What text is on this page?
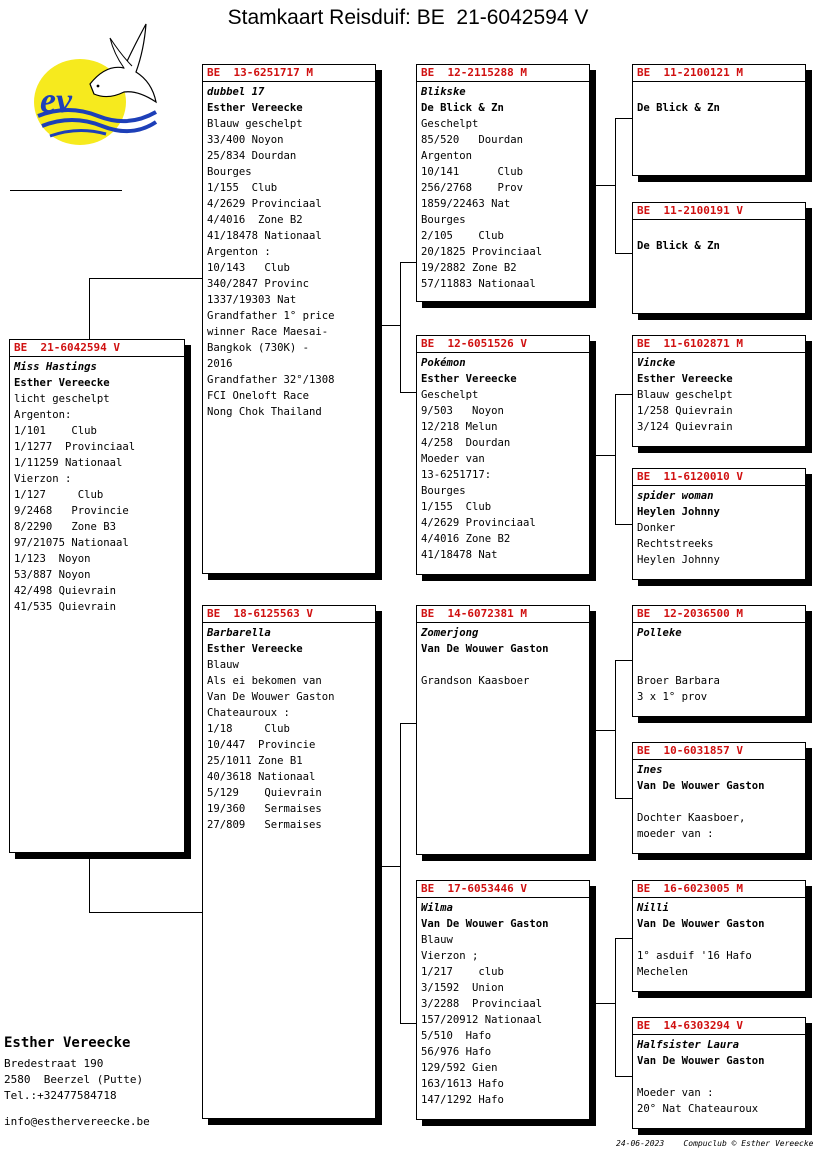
Stamkaart Reisduif: BE  21-6042594 V
ev
BE  21-6042594 V
Miss Hastings
Esther Vereecke
licht geschelpt
Argenton:
1/101    Club
1/1277  Provinciaal
1/11259 Nationaal
Vierzon :
1/127     Club
9/2468   Provincie
8/2290   Zone B3
97/21075 Nationaal
1/123  Noyon
53/887 Noyon
42/498 Quievrain
41/535 Quievrain
BE  13-6251717 M
dubbel 17
Esther Vereecke
Blauw geschelpt
33/400 Noyon
25/834 Dourdan
Bourges
1/155  Club
4/2629 Provinciaal
4/4016  Zone B2
41/18478 Nationaal
Argenton :
10/143   Club
340/2847 Provinc
1337/19303 Nat
Grandfather 1° price
winner Race Maesai-
Bangkok (730K) -
2016
Grandfather 32°/1308
FCI Oneloft Race
Nong Chok Thailand
BE  18-6125563 V
Barbarella
Esther Vereecke
Blauw
Als ei bekomen van
Van De Wouwer Gaston
Chateauroux :
1/18     Club
10/447  Provincie
25/1011 Zone B1
40/3618 Nationaal
5/129    Quievrain
19/360   Sermaises
27/809   Sermaises
BE  12-2115288 M
Blikske
De Blick & Zn
Geschelpt
85/520   Dourdan
Argenton
10/141      Club
256/2768    Prov
1859/22463 Nat
Bourges
2/105    Club
20/1825 Provinciaal
19/2882 Zone B2
57/11883 Nationaal
BE  12-6051526 V
Pokémon
Esther Vereecke
Geschelpt
9/503   Noyon
12/218 Melun
4/258  Dourdan
Moeder van
13-6251717:
Bourges
1/155  Club
4/2629 Provinciaal
4/4016 Zone B2
41/18478 Nat
BE  14-6072381 M
Zomerjong
Van De Wouwer Gaston

Grandson Kaasboer
BE  17-6053446 V
Wilma
Van De Wouwer Gaston
Blauw
Vierzon ;
1/217    club
3/1592  Union
3/2288  Provinciaal
157/20912 Nationaal
5/510  Hafo
56/976 Hafo
129/592 Gien
163/1613 Hafo
147/1292 Hafo
BE  11-2100121 M

De Blick & Zn
BE  11-2100191 V

De Blick & Zn
BE  11-6102871 M
Vincke
Esther Vereecke
Blauw geschelpt
1/258 Quievrain
3/124 Quievrain
BE  11-6120010 V
spider woman
Heylen Johnny
Donker
Rechtstreeks
Heylen Johnny
BE  12-2036500 M
Polleke

Broer Barbara
3 x 1° prov
BE  10-6031857 V
Ines
Van De Wouwer Gaston

Dochter Kaasboer,
moeder van :
BE  16-6023005 M
Nilli
Van De Wouwer Gaston

1° asduif '16 Hafo
Mechelen
BE  14-6303294 V
Halfsister Laura
Van De Wouwer Gaston

Moeder van :
20° Nat Chateauroux
Esther Vereecke
Bredestraat 190
2580  Beerzel (Putte)
Tel.:+32477584718
info@esthervereecke.be
24-06-2023    Compuclub © Esther Vereecke
